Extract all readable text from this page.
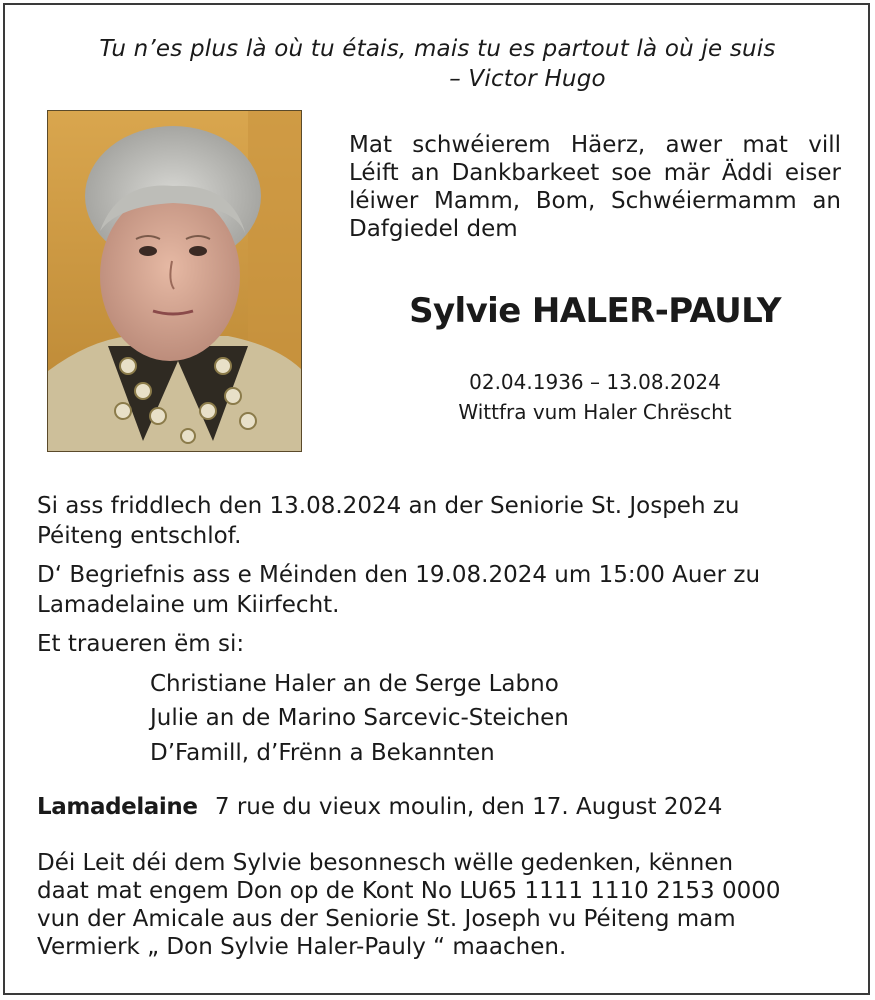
Tu n’es plus là où tu étais, mais tu es partout là où je suis
– Victor Hugo
Mat schwéierem Häerz, awer mat vill
Léift an Dankbarkeet soe mär Äddi eiser
léiwer Mamm, Bom, Schwéiermamm an
Dafgiedel dem
Sylvie HALER-PAULY
02.04.1936 – 13.08.2024
Wittfra vum Haler Chrëscht
Si ass friddlech den 13.08.2024 an der Seniorie St. Jospeh zu Péiteng entschlof.
D‘ Begriefnis ass e Méinden den 19.08.2024 um 15:00 Auer zu Lamadelaine um Kiirfecht.
Et traueren ëm si:
Christiane Haler an de Serge Labno
Julie an de Marino Sarcevic-Steichen
D’Famill, d’Frënn a Bekannten
Lamadelaine 7 rue du vieux moulin, den 17. August 2024
Déi Leit déi dem Sylvie besonnesch wëlle gedenken, kënnen
daat mat engem Don op de Kont No LU65 1111 1110 2153 0000
vun der Amicale aus der Seniorie St. Joseph vu Péiteng mam
Vermierk „ Don Sylvie Haler-Pauly “ maachen.
